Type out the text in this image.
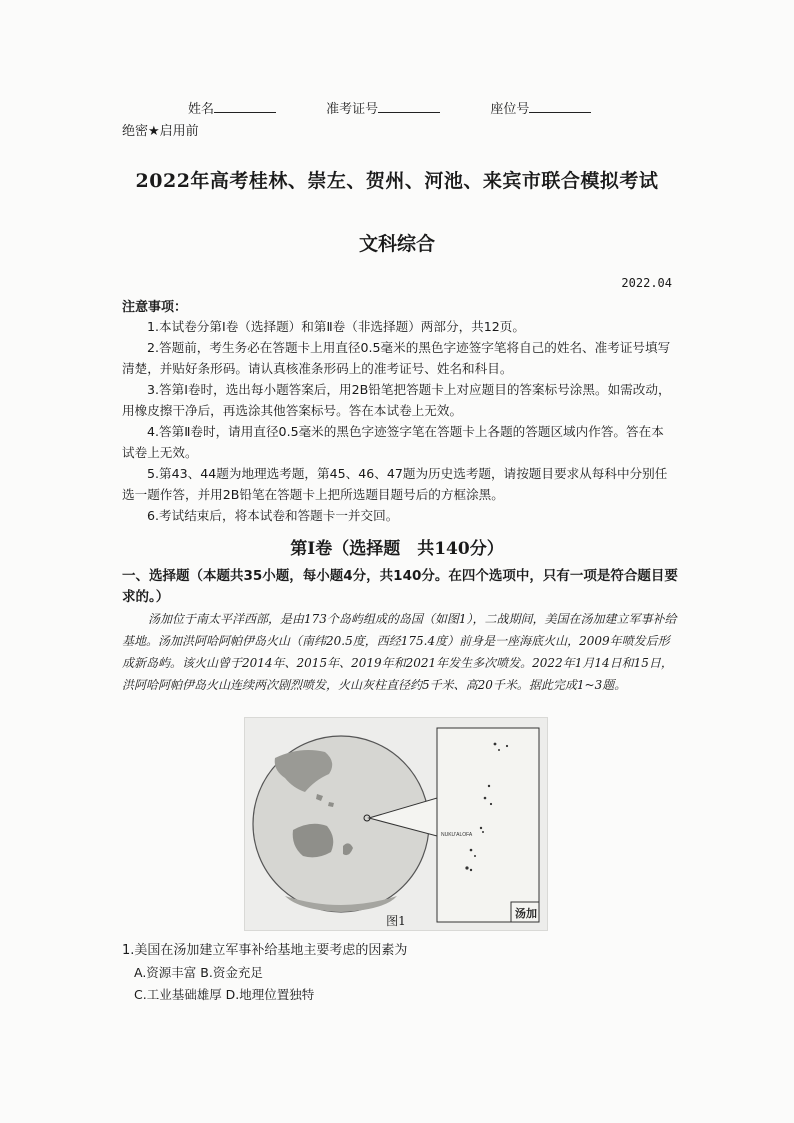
姓名	准考证号	座位号
绝密★启用前
2022年高考桂林、崇左、贺州、河池、来宾市联合模拟考试
文科综合
2022.04
注意事项：

1.本试卷分第Ⅰ卷（选择题）和第Ⅱ卷（非选择题）两部分，共12页。

2.答题前，考生务必在答题卡上用直径0.5毫米的黑色字迹签字笔将自己的姓名、准考证号填写清楚，并贴好条形码。请认真核准条形码上的准考证号、姓名和科目。

3.答第Ⅰ卷时，选出每小题答案后，用2B铅笔把答题卡上对应题目的答案标号涂黑。如需改动，用橡皮擦干净后，再选涂其他答案标号。答在本试卷上无效。

4.答第Ⅱ卷时，请用直径0.5毫米的黑色字迹签字笔在答题卡上各题的答题区域内作答。答在本试卷上无效。

5.第43、44题为地理选考题，第45、46、47题为历史选考题，请按题目要求从每科中分别任选一题作答，并用2B铅笔在答题卡上把所选题目题号后的方框涂黑。

6.考试结束后，将本试卷和答题卡一并交回。

第Ⅰ卷（选择题　共140分）
一、选择题（本题共35小题，每小题4分，共140分。在四个选项中，只有一项是符合题目要求的。）

汤加位于南太平洋西部，是由173个岛屿组成的岛国（如图1），二战期间，美国在汤加建立军事补给基地。汤加洪阿哈阿帕伊岛火山（南纬20.5度，西经175.4度）前身是一座海底火山，2009年喷发后形成新岛屿。该火山曾于2014年、2015年、2019年和2021年发生多次喷发。2022年1月14日和15日，洪阿哈阿帕伊岛火山连续两次剧烈喷发，火山灰柱直径约5千米、高20千米。据此完成1~3题。

NUKU'ALOFA
汤加
图1
1.美国在汤加建立军事补给基地主要考虑的因素为
A.资源丰富 B.资金充足
C.工业基础雄厚 D.地理位置独特
